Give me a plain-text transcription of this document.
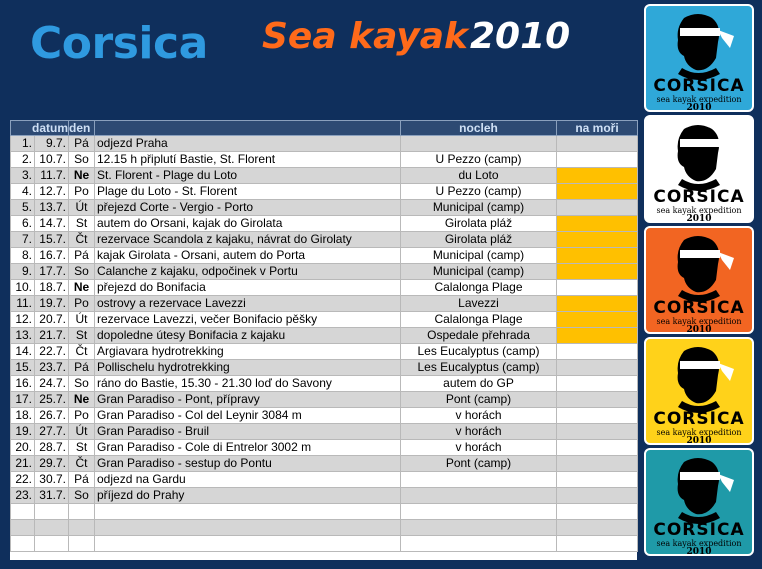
Corsica Sea kayak 2010
datum		den		nocleh	na moři
1.	9.7.	Pá	odjezd Praha		
2.	10.7.	So	12.15 h připlutí Bastie, St. Florent	U Pezzo (camp)	
3.	11.7.	Ne	St. Florent - Plage du Loto	du Loto	
4.	12.7.	Po	Plage du Loto - St. Florent	U Pezzo (camp)	
5.	13.7.	Út	přejezd Corte - Vergio - Porto	Municipal (camp)	
6.	14.7.	St	autem do Orsani, kajak do Girolata	Girolata pláž	
7.	15.7.	Čt	rezervace Scandola z kajaku, návrat do Girolaty	Girolata pláž	
8.	16.7.	Pá	kajak Girolata - Orsani, autem do Porta	Municipal (camp)	
9.	17.7.	So	Calanche z kajaku, odpočinek v Portu	Municipal (camp)	
10.	18.7.	Ne	přejezd do Bonifacia	Calalonga Plage	
11.	19.7.	Po	ostrovy a rezervace Lavezzi	Lavezzi	
12.	20.7.	Út	rezervace Lavezzi, večer Bonifacio pěšky	Calalonga Plage	
13.	21.7.	St	dopoledne útesy Bonifacia z kajaku	Ospedale přehrada	
14.	22.7.	Čt	Argiavara hydrotrekking	Les Eucalyptus (camp)	
15.	23.7.	Pá	Pollischelu hydrotrekking	Les Eucalyptus (camp)	
16.	24.7.	So	ráno do Bastie, 15.30 - 21.30 loď do Savony	autem do GP	
17.	25.7.	Ne	Gran Paradiso - Pont, přípravy	Pont (camp)	
18.	26.7.	Po	Gran Paradiso - Col del Leynir 3084 m	v horách	
19.	27.7.	Út	Gran Paradiso - Bruil	v horách	
20.	28.7.	St	Gran Paradiso - Cole di Entrelor 3002 m	v horách	
21.	29.7.	Čt	Gran Paradiso - sestup do Pontu	Pont (camp)	
22.	30.7.	Pá	odjezd na Gardu		
23.	31.7.	So	příjezd do Prahy		

CORSICA
sea kayak expedition
2010
CORSICA
sea kayak expedition
2010
CORSICA
sea kayak expedition
2010
CORSICA
sea kayak expedition
2010
CORSICA
sea kayak expedition
2010
